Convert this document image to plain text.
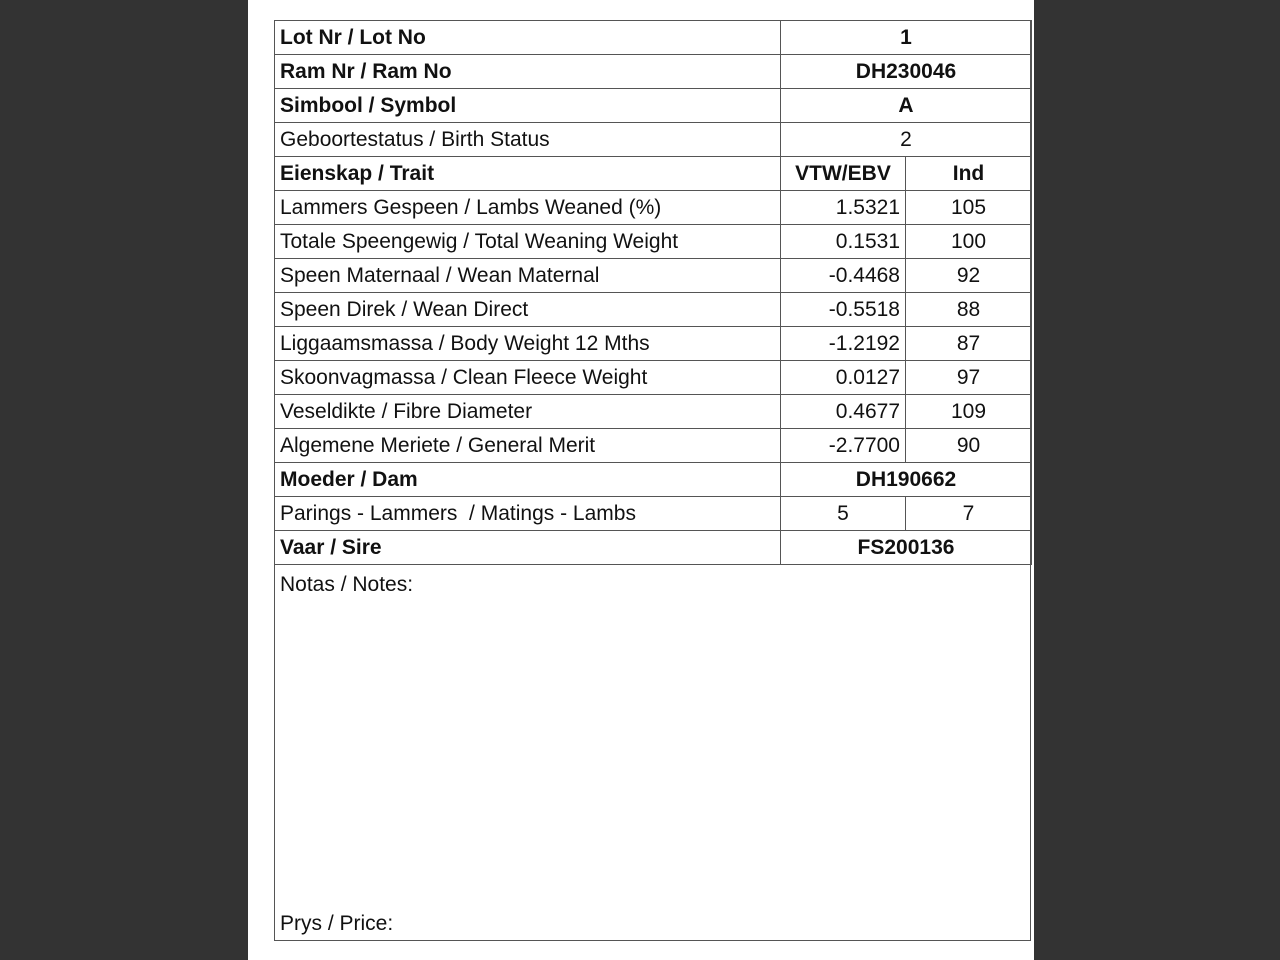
Lot Nr / Lot No	1	
Ram Nr / Ram No	DH230046	
Simbool / Symbol	A	
Geboortestatus / Birth Status	2	
Eienskap / Trait	VTW/EBV	Ind
Lammers Gespeen / Lambs Weaned (%)	1.5321	105
Totale Speengewig / Total Weaning Weight	0.1531	100
Speen Maternaal / Wean Maternal	-0.4468	92
Speen Direk / Wean Direct	-0.5518	88
Liggaamsmassa / Body Weight 12 Mths	-1.2192	87
Skoonvagmassa / Clean Fleece Weight	0.0127	97
Veseldikte / Fibre Diameter	0.4677	109
Algemene Meriete / General Merit	-2.7700	90
Moeder / Dam	DH190662	
Parings - Lammers  / Matings - Lambs	5	7
Vaar / Sire	FS200136	
Notas / Notes:
Prys / Price:
